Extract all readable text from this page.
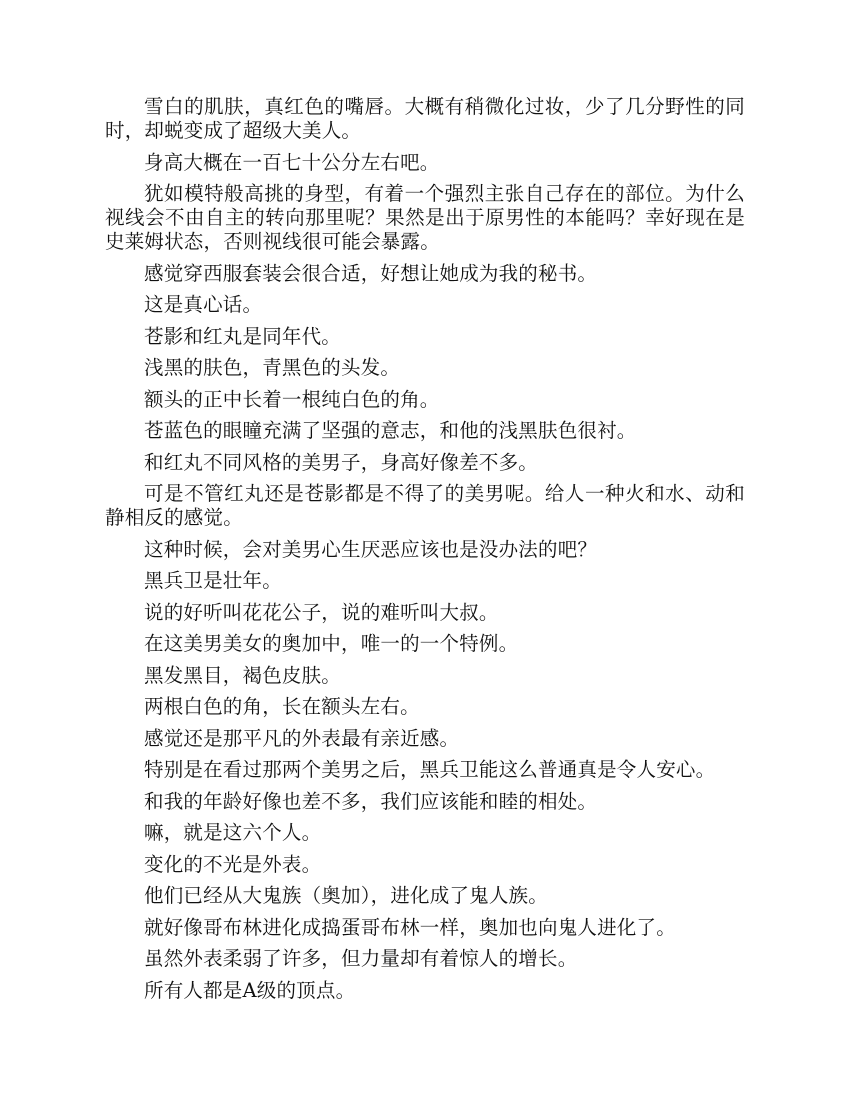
雪白的肌肤，真红色的嘴唇。大概有稍微化过妆，少了几分野性的同时，却蜕变成了超级大美人。

身高大概在一百七十公分左右吧。

犹如模特般高挑的身型，有着一个强烈主张自己存在的部位。为什么视线会不由自主的转向那里呢？果然是出于原男性的本能吗？幸好现在是史莱姆状态，否则视线很可能会暴露。

感觉穿西服套装会很合适，好想让她成为我的秘书。

这是真心话。

苍影和红丸是同年代。

浅黑的肤色，青黑色的头发。

额头的正中长着一根纯白色的角。

苍蓝色的眼瞳充满了坚强的意志，和他的浅黑肤色很衬。

和红丸不同风格的美男子，身高好像差不多。

可是不管红丸还是苍影都是不得了的美男呢。给人一种火和水、动和静相反的感觉。

这种时候，会对美男心生厌恶应该也是没办法的吧？

黑兵卫是壮年。

说的好听叫花花公子，说的难听叫大叔。

在这美男美女的奥加中，唯一的一个特例。

黑发黑目，褐色皮肤。

两根白色的角，长在额头左右。

感觉还是那平凡的外表最有亲近感。

特别是在看过那两个美男之后，黑兵卫能这么普通真是令人安心。

和我的年龄好像也差不多，我们应该能和睦的相处。

嘛，就是这六个人。

变化的不光是外表。

他们已经从大鬼族（奥加），进化成了鬼人族。

就好像哥布林进化成捣蛋哥布林一样，奥加也向鬼人进化了。

虽然外表柔弱了许多，但力量却有着惊人的增长。

所有人都是A级的顶点。
